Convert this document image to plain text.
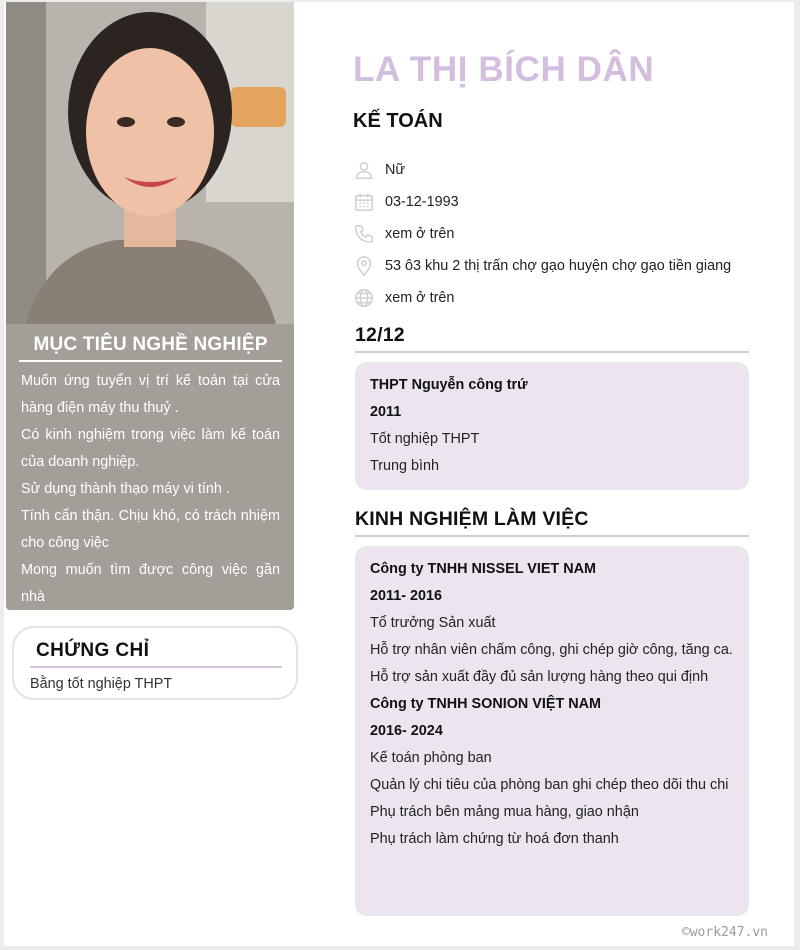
MỤC TIÊU NGHỀ NGHIỆP

Muốn ứng tuyển vị trí kế toán tại cửa hàng điện máy thu thuỷ .

Có kinh nghiệm trong việc làm kế toán của doanh nghiệp.

Sử dụng thành thạo máy vi tính .

Tính cẩn thận. Chịu khó, có trách nhiệm cho công việc

Mong muốn tìm được công việc gần nhà

CHỨNG CHỈ

Bằng tốt nghiệp THPT

LA THỊ BÍCH DÂN
KẾ TOÁN
Nữ
03-12-1993
xem ở trên
53 ô3 khu 2 thị trấn chợ gạo huyện chợ gạo tiền giang
xem ở trên
12/12
THPT Nguyễn công trứ
2011
Tốt nghiệp THPT
Trung bình
KINH NGHIỆM LÀM VIỆC
Công ty TNHH NISSEL VIET NAM
2011- 2016
Tổ trưởng Sản xuất
Hỗ trợ nhân viên chấm công, ghi chép giờ công, tăng ca.
Hỗ trợ sản xuất đầy đủ sản lượng hàng theo qui định
Công ty TNHH SONION VIỆT NAM
2016- 2024
Kế toán phòng ban
Quản lý chi tiêu của phòng ban ghi chép theo dõi thu chi
Phụ trách bên mảng mua hàng, giao nhận
Phụ trách làm chứng từ hoá đơn thanh
©work247.vn
